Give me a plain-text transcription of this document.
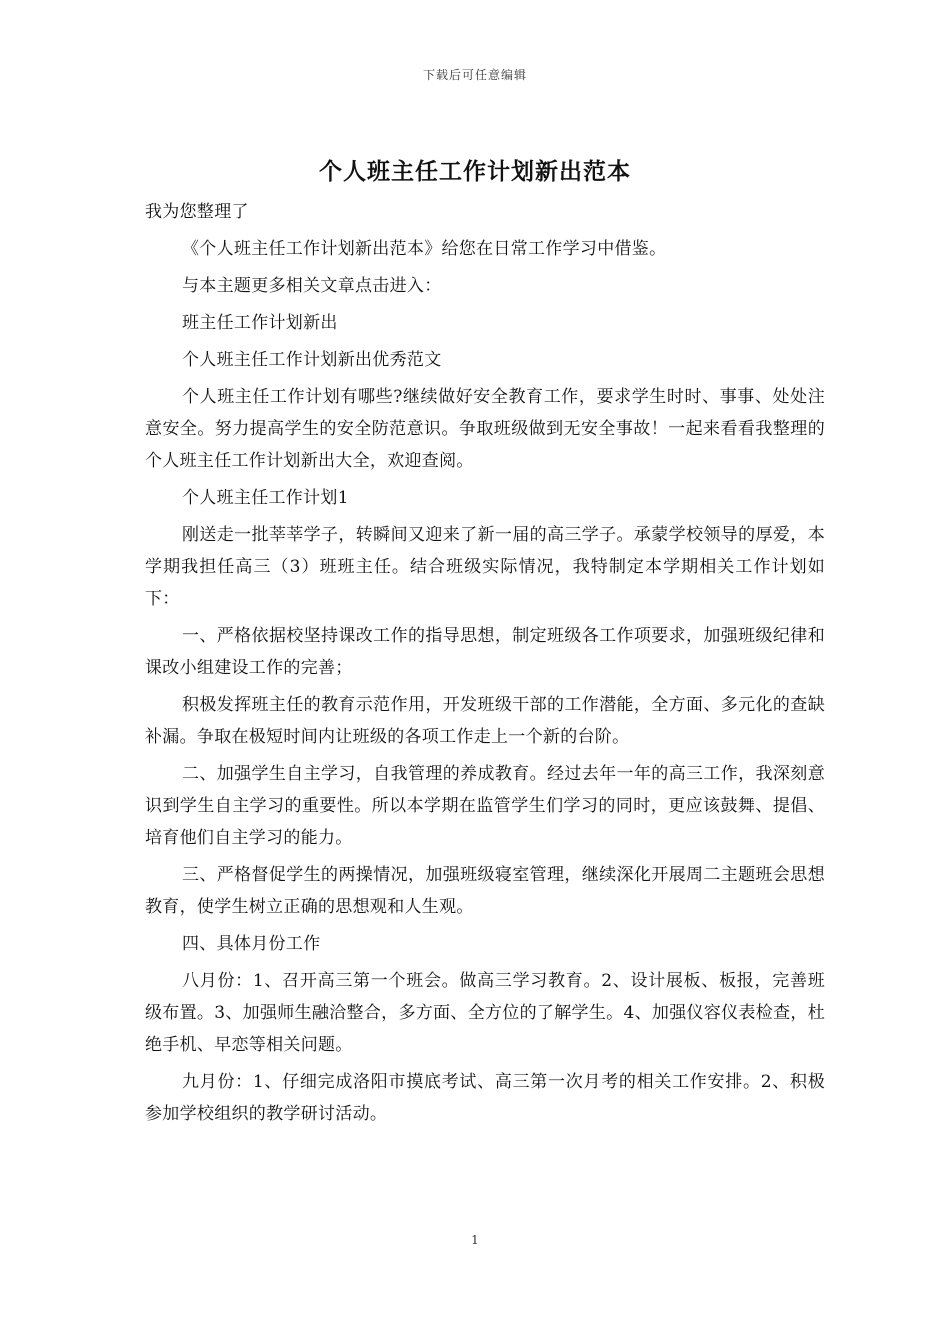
下载后可任意编辑
个人班主任工作计划新出范本

我为您整理了

《个人班主任工作计划新出范本》给您在日常工作学习中借鉴。

与本主题更多相关文章点击进入：

班主任工作计划新出

个人班主任工作计划新出优秀范文

个人班主任工作计划有哪些?继续做好安全教育工作，要求学生时时、事事、处处注意安全。努力提高学生的安全防范意识。争取班级做到无安全事故！一起来看看我整理的个人班主任工作计划新出大全，欢迎查阅。

个人班主任工作计划1

刚送走一批莘莘学子，转瞬间又迎来了新一届的高三学子。承蒙学校领导的厚爱，本学期我担任高三（3）班班主任。结合班级实际情况，我特制定本学期相关工作计划如下：

一、严格依据校坚持课改工作的指导思想，制定班级各工作项要求，加强班级纪律和课改小组建设工作的完善；

积极发挥班主任的教育示范作用，开发班级干部的工作潜能，全方面、多元化的查缺补漏。争取在极短时间内让班级的各项工作走上一个新的台阶。

二、加强学生自主学习，自我管理的养成教育。经过去年一年的高三工作，我深刻意识到学生自主学习的重要性。所以本学期在监管学生们学习的同时，更应该鼓舞、提倡、培育他们自主学习的能力。

三、严格督促学生的两操情况，加强班级寝室管理，继续深化开展周二主题班会思想教育，使学生树立正确的思想观和人生观。

四、具体月份工作

八月份：1、召开高三第一个班会。做高三学习教育。2、设计展板、板报，完善班级布置。3、加强师生融洽整合，多方面、全方位的了解学生。4、加强仪容仪表检查，杜绝手机、早恋等相关问题。

九月份：1、仔细完成洛阳市摸底考试、高三第一次月考的相关工作安排。2、积极参加学校组织的教学研讨活动。

1
